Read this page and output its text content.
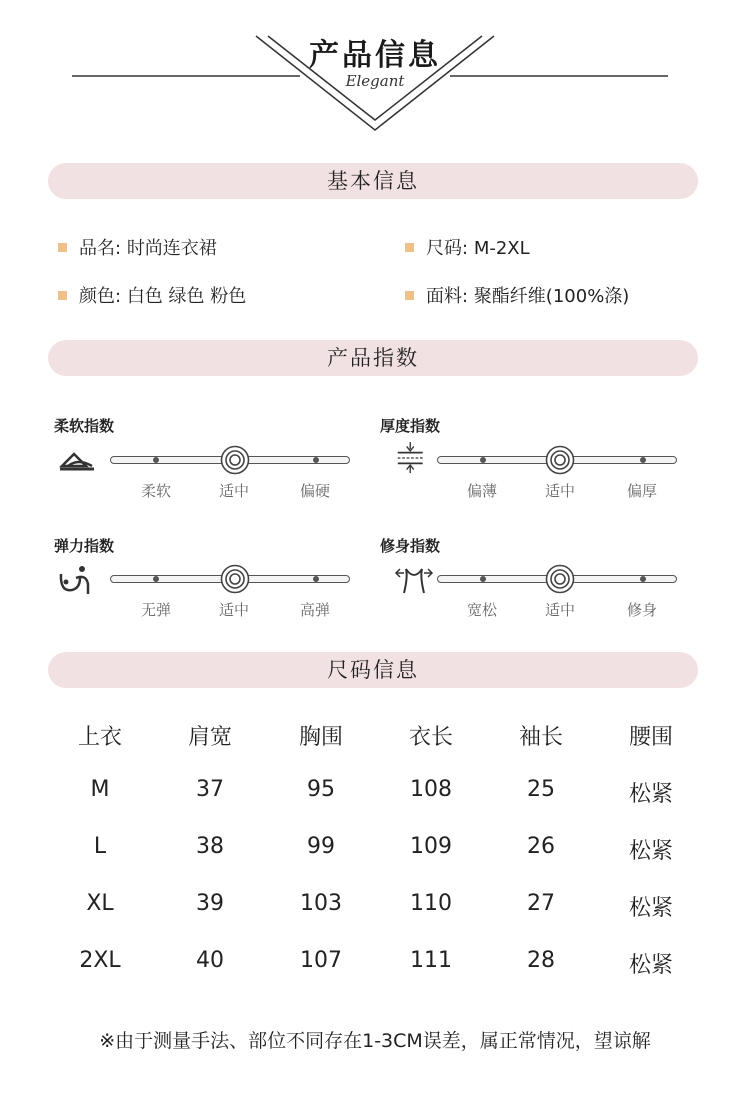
产品信息
Elegant
基本信息
品名: 时尚连衣裙	尺码: M-2XL
颜色: 白色 绿色 粉色	面料: 聚酯纤维(100%涤)
产品指数
柔软指数
柔软	适中	偏硬
厚度指数
偏薄	适中	偏厚
弹力指数
无弹	适中	高弹
修身指数
宽松	适中	修身
尺码信息
上衣	肩宽	胸围	衣长	袖长	腰围
M	37	95	108	25	松紧
L	38	99	109	26	松紧
XL	39	103	110	27	松紧
2XL	40	107	111	28	松紧
※由于测量手法、部位不同存在1-3CM误差，属正常情况，望谅解
